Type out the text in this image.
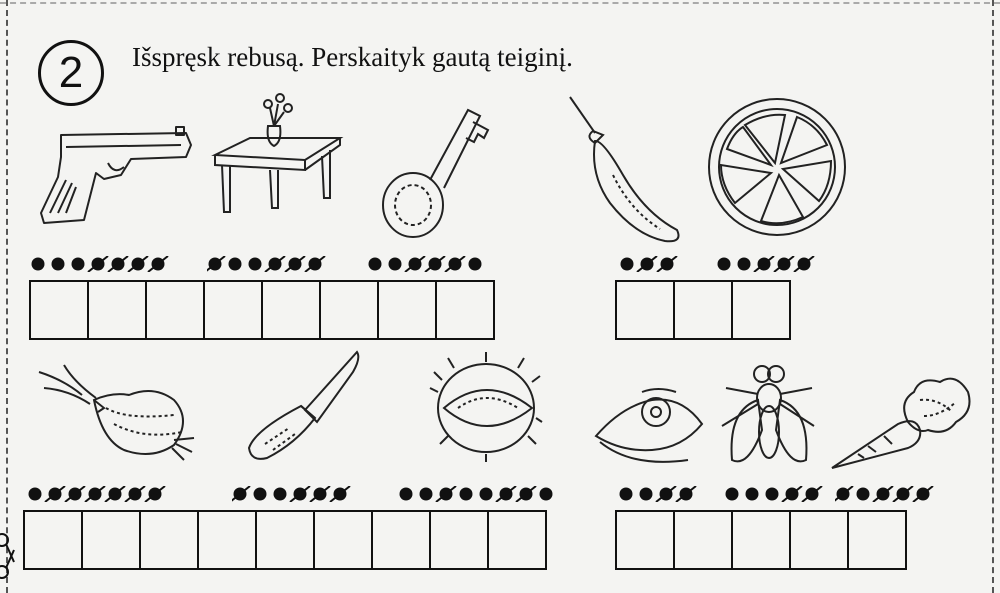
2	Išspręsk rebusą. Perskaityk gautą teiginį.
